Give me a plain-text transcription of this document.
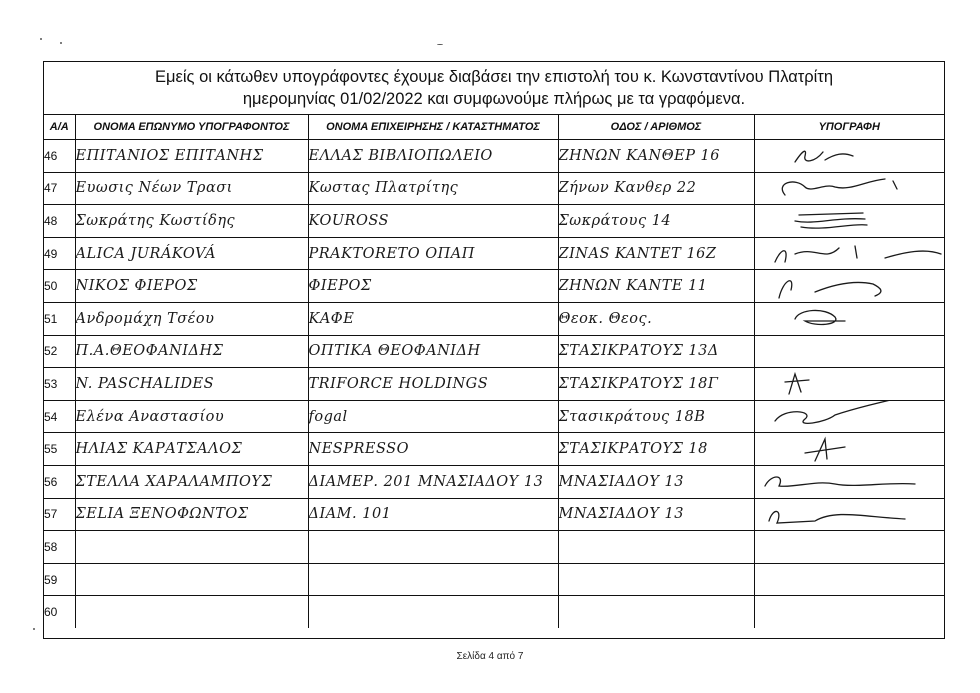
Εμείς οι κάτωθεν υπογράφοντες έχουμε διαβάσει την επιστολή του κ. Κωνσταντίνου Πλατρίτη
ημερομηνίας 01/02/2022 και συμφωνούμε πλήρως με τα γραφόμενα.
Α/Α	ΟΝΟΜΑ ΕΠΩΝΥΜΟ ΥΠΟΓΡΑΦΟΝΤΟΣ	ΟΝΟΜΑ ΕΠΙΧΕΙΡΗΣΗΣ / ΚΑΤΑΣΤΗΜΑΤΟΣ	ΟΔΟΣ / ΑΡΙΘΜΟΣ	ΥΠΟΓΡΑΦΗ
46	ΕΠΙΤΑΝΙΟΣ ΕΠΙΤΑΝΗΣ	ΕΛΛΑΣ ΒΙΒΛΙΟΠΩΛΕΙΟ	ΖΗΝΩΝ ΚΑΝΘΕΡ 16	

47	Ευωσις Νέων Τρασι	Κωστας Πλατρίτης	Ζήνων Κανθερ 22	

48	Σωκράτης Κωστίδης	KOUROSS	Σωκράτους 14	

49	ALICA JURÁKOVÁ	PRAKTORETO ΟΠΑΠ	ZINAS KANTET 16Z	

50	ΝΙΚΟΣ ΦΙΕΡΟΣ	ΦΙΕΡΟΣ	ΖΗΝΩΝ ΚΑΝΤΕ 11	

51	Ανδρομάχη Τσέου	ΚΑΦΕ	Θεοκ. Θεος.	

52	Π.Α.ΘΕΟΦΑΝΙΔΗΣ	ΟΠΤΙΚΑ ΘΕΟΦΑΝΙΔΗ	ΣΤΑΣΙΚΡΑΤΟΥΣ 13Δ	
53	N. PASCHALIDES	TRIFORCE HOLDINGS	ΣΤΑΣΙΚΡΑΤΟΥΣ 18Γ	

54	Ελένα Αναστασίου	fogal	Στασικράτους 18Β	

55	ΗΛΙΑΣ ΚΑΡΑΤΣΑΛΟΣ	NESPRESSO	ΣΤΑΣΙΚΡΑΤΟΥΣ 18	

56	ΣΤΕΛΛΑ ΧΑΡΑΛΑΜΠΟΥΣ	ΔΙΑΜΕΡ. 201 ΜΝΑΣΙΑΔΟΥ 13	ΜΝΑΣΙΑΔΟΥ 13	

57	ΣΕLIA ΞΕΝΟΦΩΝΤΟΣ	ΔΙΑΜ. 101	ΜΝΑΣΙΑΔΟΥ 13	

58				
59				
60				
Σελίδα 4 από 7
